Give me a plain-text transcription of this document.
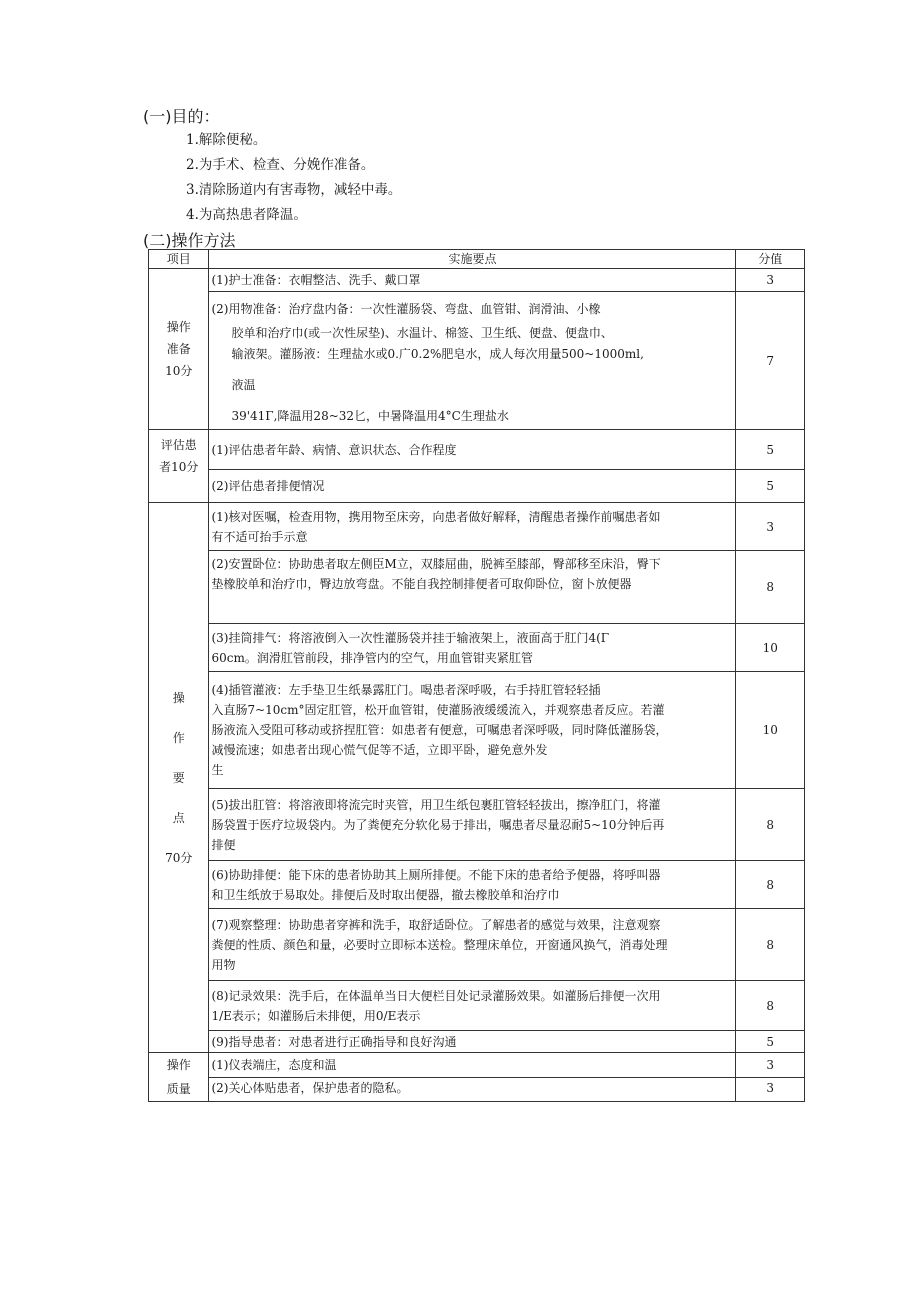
(一)目的：
1.解除便秘。
2.为手术、检查、分娩作准备。
3.清除肠道内有害毒物，减轻中毒。
4.为高热患者降温。
(二)操作方法
项目	实施要点	分值

操作
准备
10分	(1)护士准备：衣帽整洁、洗手、戴口罩	3

	(2)用物准备：治疗盘内备：一次性灌肠袋、弯盘、血管钳、润滑油、小橡
胶单和治疗巾(或一次性尿垫)、水温计、棉签、卫生纸、便盘、便盘巾、
输液架。灌肠液：生理盐水或0.广0.2%肥皂水，成人每次用量500~1000ml,
液温
39'41Γ,降温用28~32匕，中暑降温用4°C生理盐水	7

评估患
者10分	(1)评估患者年龄、病情、意识状态、合作程度	5

	(2)评估患者排便情况	5

操
作
要
点
70分	(1)核对医嘱，检查用物，携用物至床旁，向患者做好解释，清醒患者操作前嘱患者如
有不适可抬手示意	3

	(2)安置卧位：协助患者取左侧臣M立，双膝屈曲，脱裤至膝部，臀部移至床沿，臀下
垫橡胶单和治疗巾，臀边放弯盘。不能自我控制排便者可取仰卧位，窗卜放便器	8

	(3)挂筒排气：将溶液倒入一次性灌肠袋并挂于输液架上，液面高于肛门4(Γ
60cm。润滑肛管前段，排净管内的空气，用血管钳夹紧肛管	10

	(4)插管灌液：左手垫卫生纸暴露肛门。喝患者深呼吸，右手持肛管轻轻插
入直肠7~10cm°固定肛管，松开血管钳，使灌肠液缓缓流入，并观察患者反应。若灌
肠液流入受阻可移动或挤捏肛管：如患者有便意，可嘱患者深呼吸，同时降低灌肠袋，
减慢流速；如患者出现心慌气促等不适，立即平卧，避免意外发
生	10

	(5)拔出肛管：将溶液即将流完时夹管，用卫生纸包裹肛管轻轻拔出，擦净肛门，将灌
肠袋置于医疗垃圾袋内。为了粪便充分软化易于排出，嘱患者尽量忍耐5~10分钟后再
排便	8

	(6)协助排便：能下床的患者协助其上厕所排便。不能下床的患者给予便器，将呼叫器
和卫生纸放于易取处。排便后及时取出便器，撤去橡胶单和治疗巾	8

	(7)观察整理：协助患者穿裤和洗手，取舒适卧位。了解患者的感觉与效果，注意观察
粪便的性质、颜色和量，必要时立即标本送检。整理床单位，开窗通风换气，消毒处理
用物	8

	(8)记录效果：洗手后，在体温单当日大便栏目处记录灌肠效果。如灌肠后排便一次用
1/E表示；如灌肠后未排便，用0/E表示	8

	(9)指导患者：对患者进行正确指导和良好沟通	5

操作
质量	(1)仪表端庄，态度和温	3

	(2)关心体贴患者，保护患者的隐私。	3
